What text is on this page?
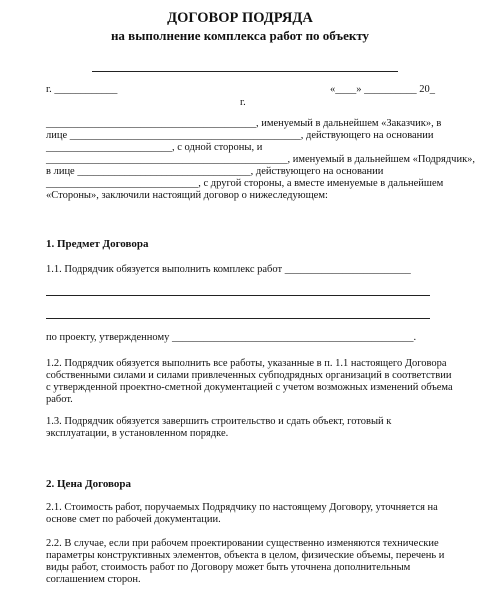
ДОГОВОР ПОДРЯДА
на выполнение комплекса работ по объекту
г. ____________	«____» __________ 20_
г.
________________________________________, именуемый в дальнейшем «Заказчик», в
лице ____________________________________________, действующего на основании
________________________, с одной стороны, и
______________________________________________, именуемый в дальнейшем «Подрядчик»,
в лице _________________________________, действующего на основании
_____________________________, с другой стороны, а вместе именуемые в дальнейшем
«Стороны», заключили настоящий договор о нижеследующем:
1. Предмет Договора
1.1. Подрядчик обязуется выполнить комплекс работ ________________________
по проекту, утвержденному ______________________________________________.
1.2. Подрядчик обязуется выполнить все работы, указанные в п. 1.1 настоящего Договора
собственными силами и силами привлеченных субподрядных организаций в соответствии
с утвержденной проектно-сметной документацией с учетом возможных изменений объема
работ.
1.3. Подрядчик обязуется завершить строительство и сдать объект, готовый к
эксплуатации, в установленном порядке.
2. Цена Договора
2.1. Стоимость работ, поручаемых Подрядчику по настоящему Договору, уточняется на
основе смет по рабочей документации.
2.2. В случае, если при рабочем проектировании существенно изменяются технические
параметры конструктивных элементов, объекта в целом, физические объемы, перечень и
виды работ, стоимость работ по Договору может быть уточнена дополнительным
соглашением сторон.
